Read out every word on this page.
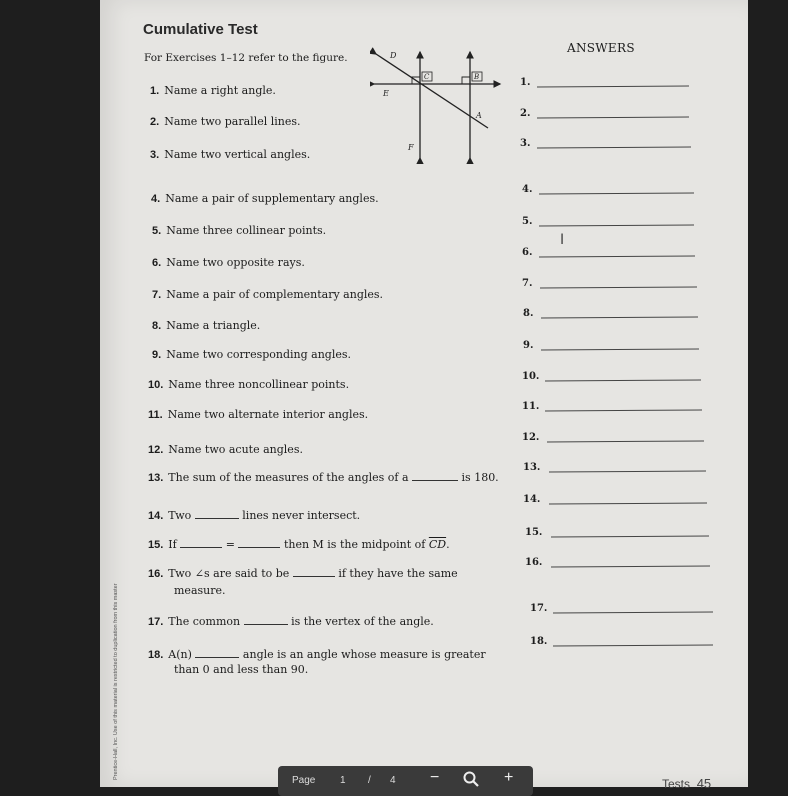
Cumulative Test
For Exercises 1–12 refer to the figure.
ANSWERS
D
C	B
E
A
F
1. Name a right angle.
2. Name two parallel lines.
3. Name two vertical angles.
4. Name a pair of supplementary angles.
5. Name three collinear points.
6. Name two opposite rays.
7. Name a pair of complementary angles.
8. Name a triangle.
9. Name two corresponding angles.
10. Name three noncollinear points.
11. Name two alternate interior angles.
12. Name two acute angles.
13. The sum of the measures of the angles of a	is 180.
14. Two	lines never intersect.
15. If	=	then M is the midpoint of $\overline{CD}$.
16. Two ∠s are said to be	if they have the same
measure.
17. The common	is the vertex of the angle.
18. A(n)	angle is an angle whose measure is greater
than 0 and less than 90.
1.
2.
3.
4.
5.
6.
7.
8.
9.
10.
11.
12.
13.
14.
15.
16.
17.
18.
I
Prentice-Hall, Inc. Use of this material is restricted to duplication from this master
Page 1 / 4 −	+	Tests 45
